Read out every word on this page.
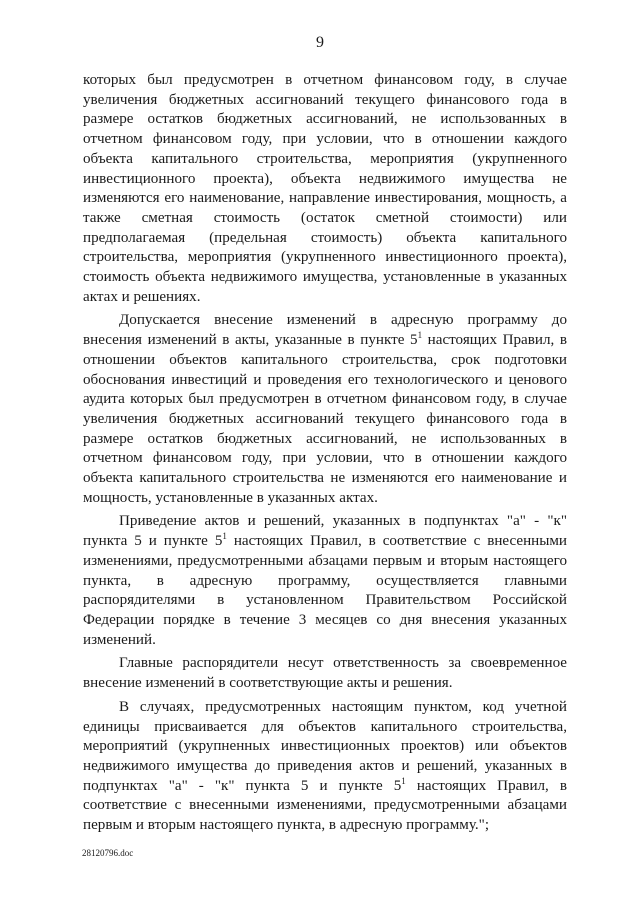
9

которых был предусмотрен в отчетном финансовом году, в случае увеличения бюджетных ассигнований текущего финансового года в размере остатков бюджетных ассигнований, не использованных в отчетном финансовом году, при условии, что в отношении каждого объекта капитального строительства, мероприятия (укрупненного инвестиционного проекта), объекта недвижимого имущества не изменяются его наименование, направление инвестирования, мощность, а также сметная стоимость (остаток сметной стоимости) или предполагаемая (предельная стоимость) объекта капитального строительства, мероприятия (укрупненного инвестиционного проекта), стоимость объекта недвижимого имущества, установленные в указанных актах и решениях.

Допускается внесение изменений в адресную программу до внесения изменений в акты, указанные в пункте $5^1$ настоящих Правил, в отношении объектов капитального строительства, срок подготовки обоснования инвестиций и проведения его технологического и ценового аудита которых был предусмотрен в отчетном финансовом году, в случае увеличения бюджетных ассигнований текущего финансового года в размере остатков бюджетных ассигнований, не использованных в отчетном финансовом году, при условии, что в отношении каждого объекта капитального строительства не изменяются его наименование и мощность, установленные в указанных актах.

Приведение актов и решений, указанных в подпунктах "а" - "к" пункта 5 и пункте $5^1$ настоящих Правил, в соответствие с внесенными изменениями, предусмотренными абзацами первым и вторым настоящего пункта, в адресную программу, осуществляется главными распорядителями в установленном Правительством Российской Федерации порядке в течение 3 месяцев со дня внесения указанных изменений.

Главные распорядители несут ответственность за своевременное внесение изменений в соответствующие акты и решения.

В случаях, предусмотренных настоящим пунктом, код учетной единицы присваивается для объектов капитального строительства, мероприятий (укрупненных инвестиционных проектов) или объектов недвижимого имущества до приведения актов и решений, указанных в подпунктах "а" - "к" пункта 5 и пункте $5^1$ настоящих Правил, в соответствие с внесенными изменениями, предусмотренными абзацами первым и вторым настоящего пункта, в адресную программу.";

28120796.doc
